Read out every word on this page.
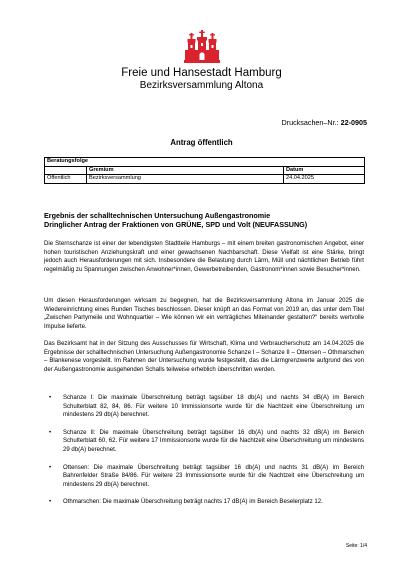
Freie und Hansestadt Hamburg
Bezirksversammlung Altona
Drucksachen–Nr.: 22-0905
Antrag öffentlich
Beratungsfolge		
	Gremium	Datum
Öffentlich	Bezirksversammlung	24.04.2025
Ergebnis der schalltechnischen Untersuchung Außengastronomie
Dringlicher Antrag der Fraktionen von GRÜNE, SPD und Volt (NEUFASSUNG)

Die Sternschanze ist einer der lebendigsten Stadtteile Hamburgs – mit einem breiten gastronomischen Angebot, einer hohen touristischen Anziehungskraft und einer gewachsenen Nachbarschaft. Diese Vielfalt ist eine Stärke, bringt jedoch auch Herausforderungen mit sich. Insbesondere die Belastung durch Lärm, Müll und nächtlichen Betrieb führt regelmäßig zu Spannungen zwischen Anwohner*innen, Gewerbetreibenden, Gastronom*innen sowie Besucher*innen.

Um diesen Herausforderungen wirksam zu begegnen, hat die Bezirksversammlung Altona im Januar 2025 die Wiedereinrichtung eines Runden Tisches beschlossen. Dieser knüpft an das Format von 2019 an, das unter dem Titel „Zwischen Partymeile und Wohnquartier – Wie können wir ein verträgliches Miteinander gestalten?“ bereits wertvolle Impulse lieferte.

Das Bezirksamt hat in der Sitzung des Ausschusses für Wirtschaft, Klima und Verbraucherschutz am 14.04.2025 die Ergebnisse der schalltechnischen Untersuchung Außengastronomie Schanze I – Schanze II – Ottensen – Othmarschen – Blankenese vorgestellt. Im Rahmen der Untersuchung wurde festgestellt, das die Lärmgrenzwerte aufgrund des von der Außengastronomie ausgehenden Schalls teilweise erheblich überschritten werden.

• Schanze I: Die maximale Überschreitung beträgt tagsüber 18 db(A) und nachts 34 dB(A) im Bereich Schulterblatt 82, 84, 86. Für weitere 10 Immissionsorte wurde für die Nachtzeit eine Überschreitung um mindestens 29 db(A) berechnet.
• Schanze II: Die maximale Überschreitung beträgt tagsüber 16 db(A) und nachts 32 dB(A) im Bereich Schulterblatt 60, 62. Für weitere 17 Immissionsorte wurde für die Nachtzeit eine Überschreitung um mindestens 29 db(A) berechnet.
• Ottensen: Die maximale Überschreitung beträgt tagsüber 16 db(A) und nachts 31 dB(A) im Bereich Bahrenfelder Straße 84/86. Für weitere 23 Immissionsorte wurde für die Nachtzeit eine Überschreitung um mindestens 29 db(A) berechnet.
• Othmarschen: Die maximale Überschreitung beträgt nachts 17 dB(A) im Bereich Beselerplatz 12.
Seite: 1/4
